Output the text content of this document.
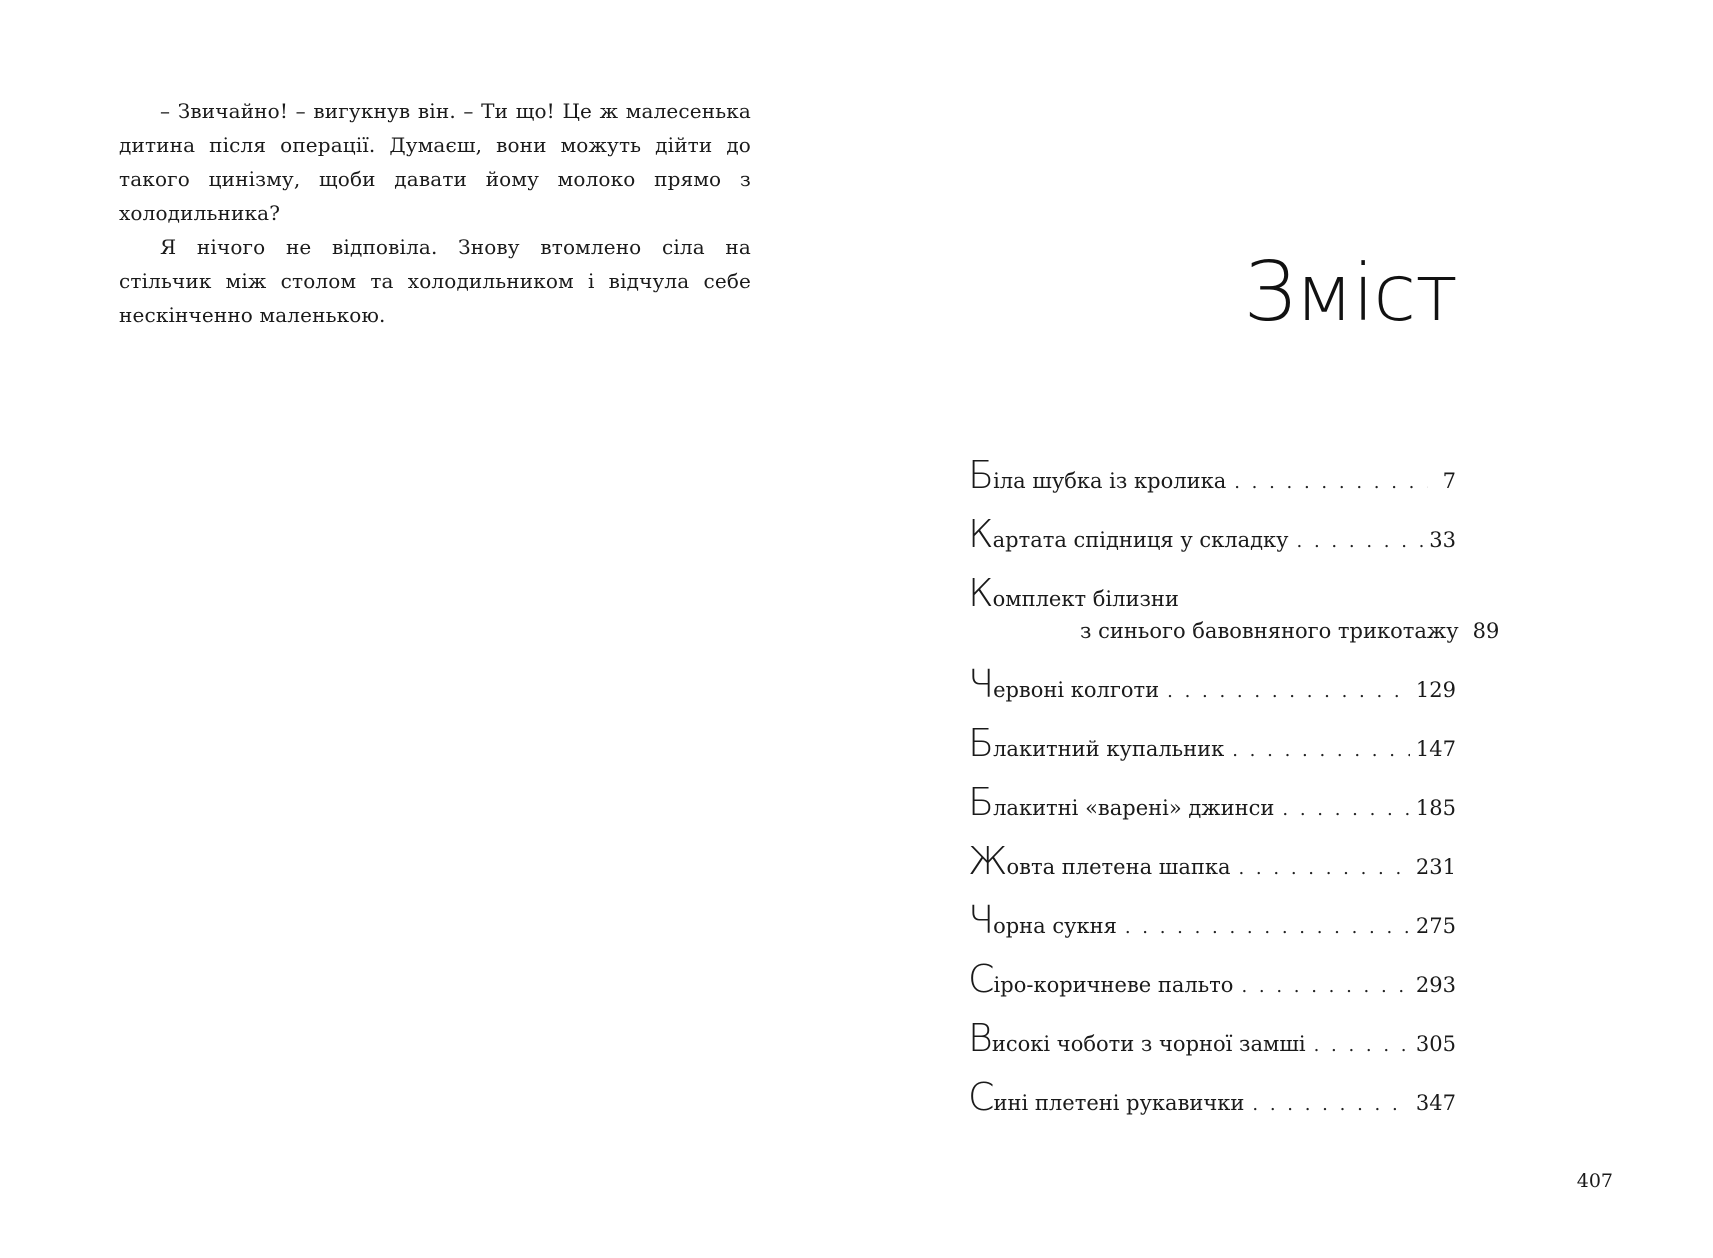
– Звичайно! – вигукнув він. – Ти що! Це ж малесенька дитина після операції. Думаєш, вони можуть дійти до такого цинізму, щоби давати йому молоко прямо з холодильника?

Я нічого не відповіла. Знову втомлено сіла на стільчик між столом та холодильником і відчула себе нескінченно маленькою.	Зміст
Біла шубка із кролика . . .	7
Картата спідниця у складку . . .	33
Комплект білизни
з синього бавовняного трикотажу 89
Червоні колготи . . .	129
Блакитний купальник . . .	147
Блакитні «варені» джинси . . .	185
Жовта плетена шапка . . .	231
Чорна сукня . . .	275
Сіро-коричневе пальто . . .	293
Високі чоботи з чорної замші . . .	305
Сині плетені рукавички . . .	347
407
